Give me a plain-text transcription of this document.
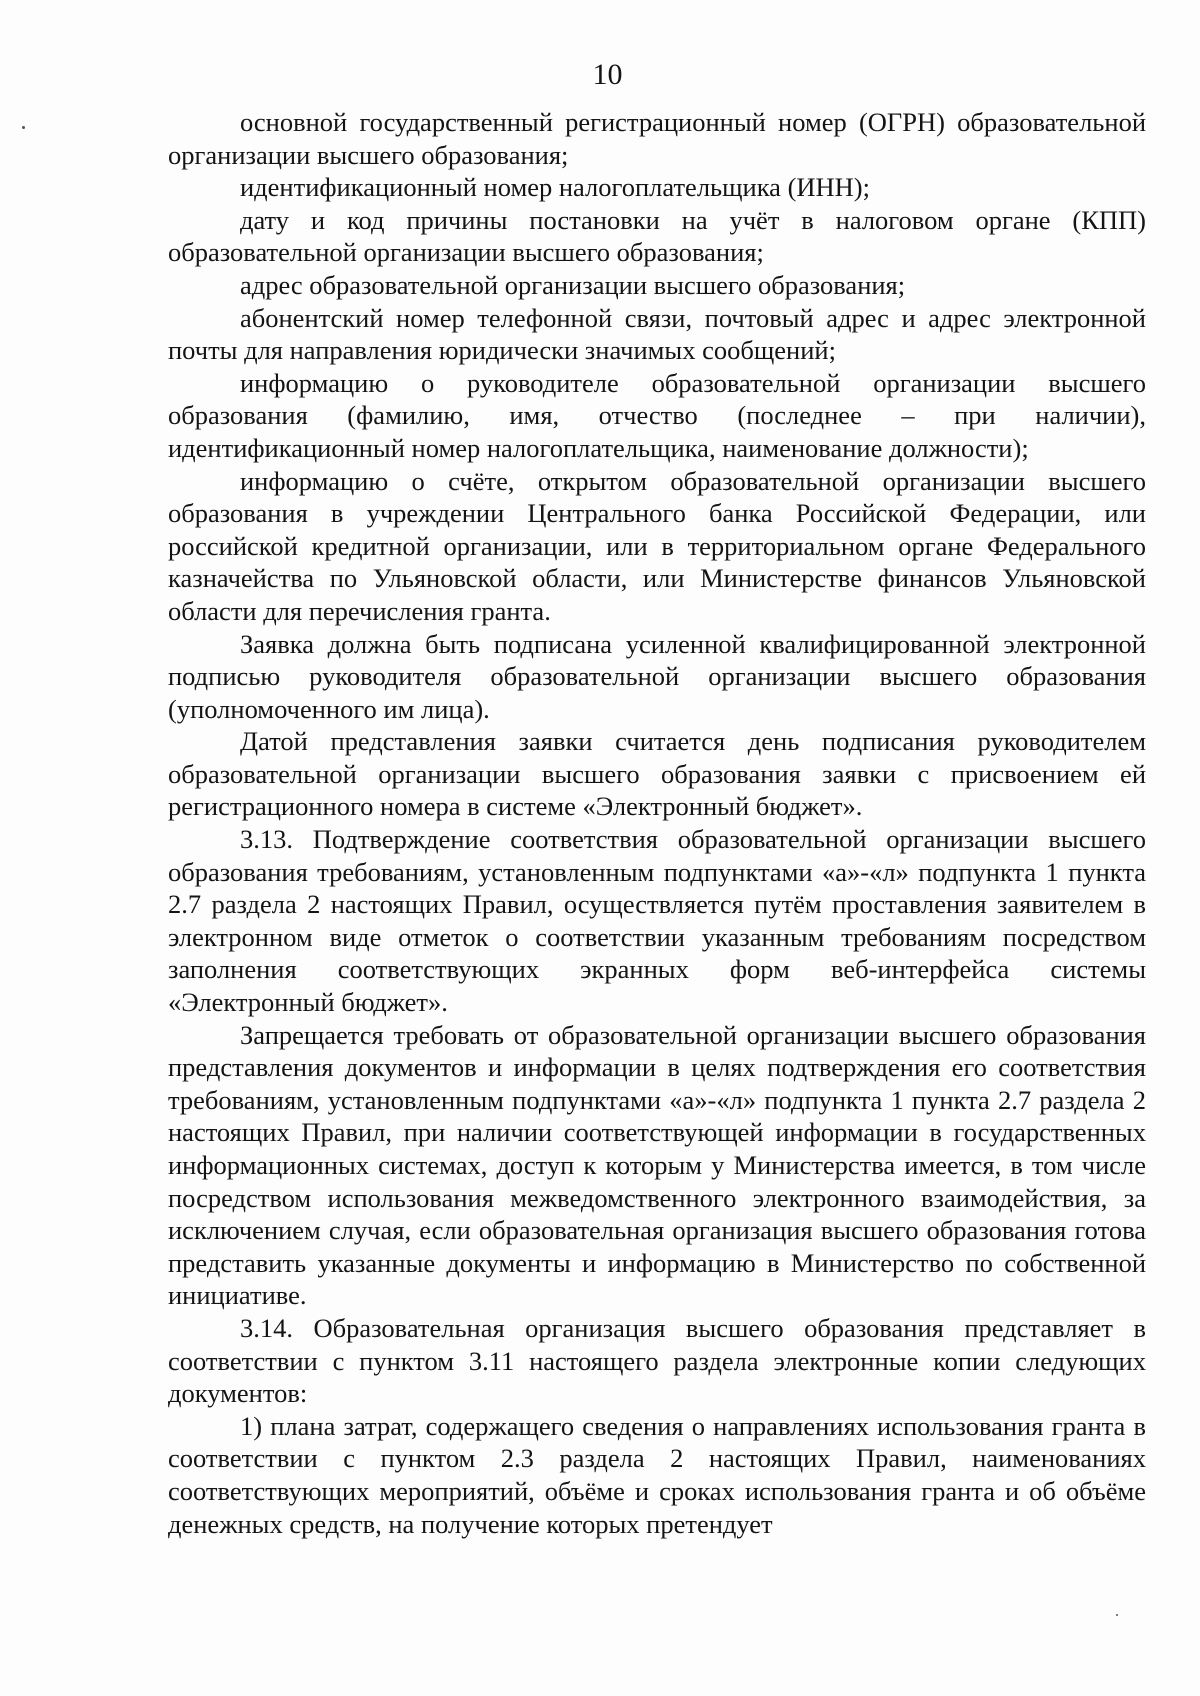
10

основной государственный регистрационный номер (ОГРН) образовательной организации высшего образования;

идентификационный номер налогоплательщика (ИНН);

дату и код причины постановки на учёт в налоговом органе (КПП) образовательной организации высшего образования;

адрес образовательной организации высшего образования;

абонентский номер телефонной связи, почтовый адрес и адрес электронной почты для направления юридически значимых сообщений;

информацию о руководителе образовательной организации высшего образования (фамилию, имя, отчество (последнее – при наличии), идентификационный номер налогоплательщика, наименование должности);

информацию о счёте, открытом образовательной организации высшего образования в учреждении Центрального банка Российской Федерации, или российской кредитной организации, или в территориальном органе Федерального казначейства по Ульяновской области, или Министерстве финансов Ульяновской области для перечисления гранта.

Заявка должна быть подписана усиленной квалифицированной электронной подписью руководителя образовательной организации высшего образования (уполномоченного им лица).

Датой представления заявки считается день подписания руководителем образовательной организации высшего образования заявки с присвоением ей регистрационного номера в системе «Электронный бюджет».

3.13. Подтверждение соответствия образовательной организации высшего образования требованиям, установленным подпунктами «а»-«л» подпункта 1 пункта 2.7 раздела 2 настоящих Правил, осуществляется путём проставления заявителем в электронном виде отметок о соответствии указанным требованиям посредством заполнения соответствующих экранных форм веб-интерфейса системы «Электронный бюджет».

Запрещается требовать от образовательной организации высшего образования представления документов и информации в целях подтверждения его соответствия требованиям, установленным подпунктами «а»-«л» подпункта 1 пункта 2.7 раздела 2 настоящих Правил, при наличии соответствующей информации в государственных информационных системах, доступ к которым у Министерства имеется, в том числе посредством использования межведомственного электронного взаимодействия, за исключением случая, если образовательная организация высшего образования готова представить указанные документы и информацию в Министерство по собственной инициативе.

3.14. Образовательная организация высшего образования представляет в соответствии с пунктом 3.11 настоящего раздела электронные копии следующих документов:

1) плана затрат, содержащего сведения о направлениях использования гранта в соответствии с пунктом 2.3 раздела 2 настоящих Правил, наименованиях соответствующих мероприятий, объёме и сроках использования гранта и об объёме денежных средств, на получение которых претендует
